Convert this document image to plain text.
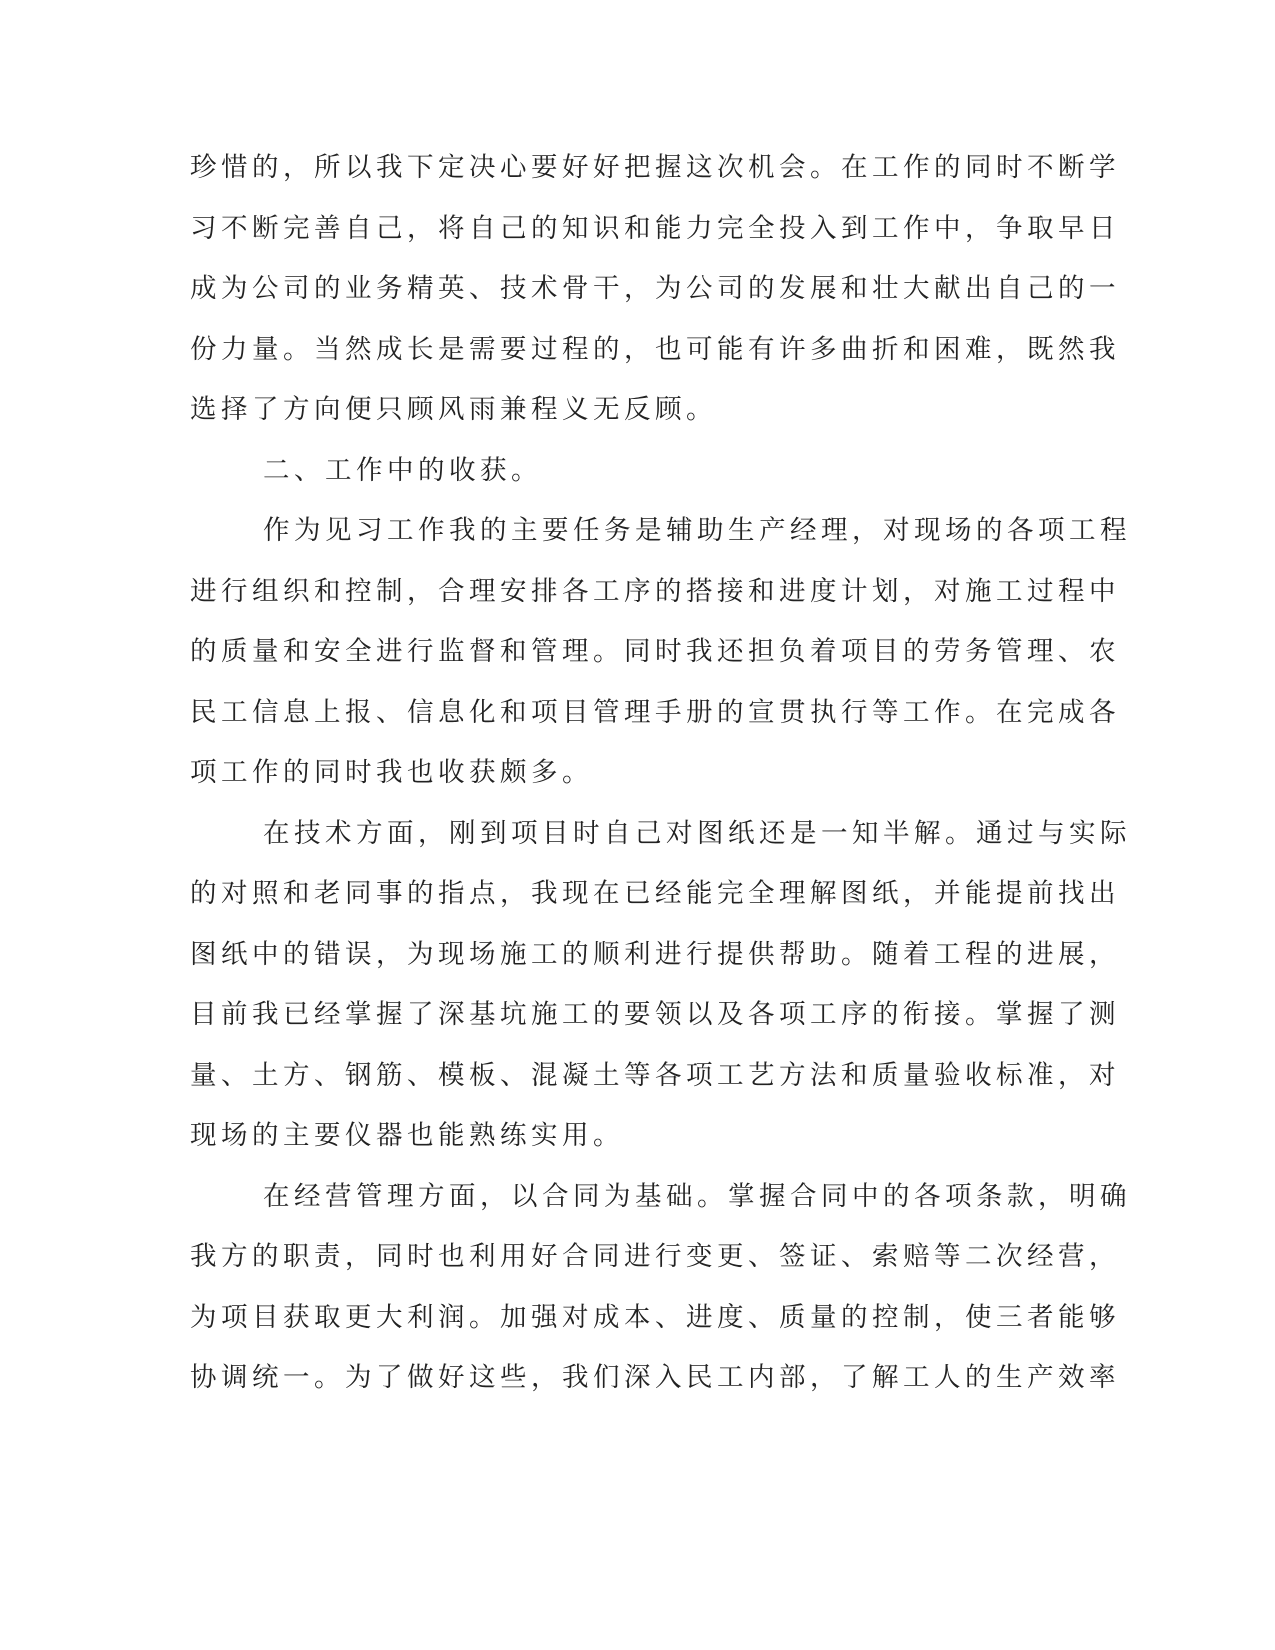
珍惜的，所以我下定决心要好好把握这次机会。在工作的同时不断学
习不断完善自己，将自己的知识和能力完全投入到工作中，争取早日
成为公司的业务精英、技术骨干，为公司的发展和壮大献出自己的一
份力量。当然成长是需要过程的，也可能有许多曲折和困难，既然我
选择了方向便只顾风雨兼程义无反顾。
二、工作中的收获。
作为见习工作我的主要任务是辅助生产经理，对现场的各项工程
进行组织和控制，合理安排各工序的搭接和进度计划，对施工过程中
的质量和安全进行监督和管理。同时我还担负着项目的劳务管理、农
民工信息上报、信息化和项目管理手册的宣贯执行等工作。在完成各
项工作的同时我也收获颇多。
在技术方面，刚到项目时自己对图纸还是一知半解。通过与实际
的对照和老同事的指点，我现在已经能完全理解图纸，并能提前找出
图纸中的错误，为现场施工的顺利进行提供帮助。随着工程的进展，
目前我已经掌握了深基坑施工的要领以及各项工序的衔接。掌握了测
量、土方、钢筋、模板、混凝土等各项工艺方法和质量验收标准，对
现场的主要仪器也能熟练实用。
在经营管理方面，以合同为基础。掌握合同中的各项条款，明确
我方的职责，同时也利用好合同进行变更、签证、索赔等二次经营，
为项目获取更大利润。加强对成本、进度、质量的控制，使三者能够
协调统一。为了做好这些，我们深入民工内部，了解工人的生产效率
